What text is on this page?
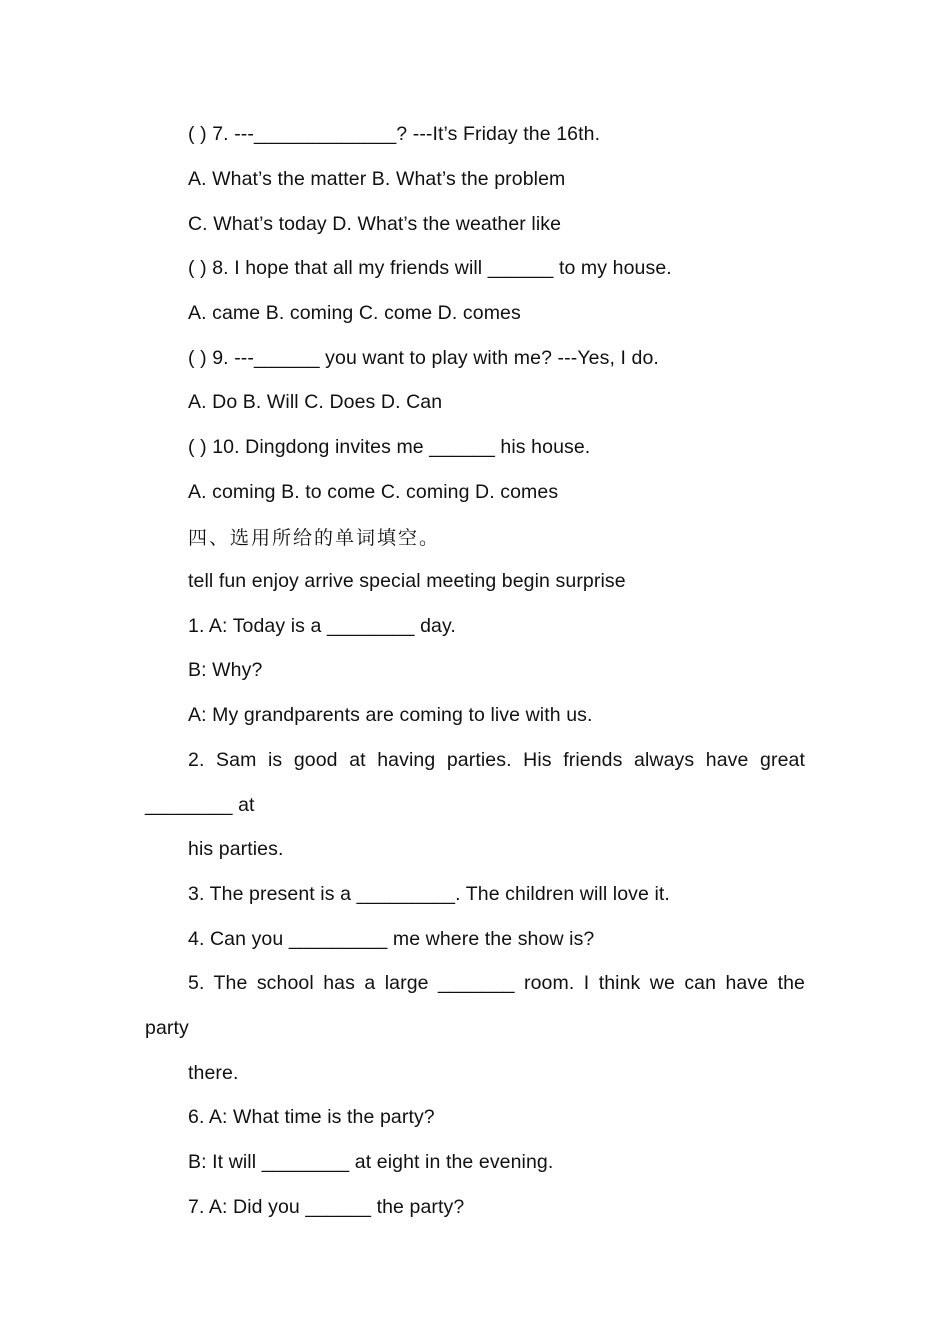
( ) 7. ---_____________? ---It’s Friday the 16th.
A. What’s the matter B. What’s the problem
C. What’s today D. What’s the weather like
( ) 8. I hope that all my friends will ______ to my house.
A. came B. coming C. come D. comes
( ) 9. ---______ you want to play with me? ---Yes, I do.
A. Do B. Will C. Does D. Can
( ) 10. Dingdong invites me ______ his house.
A. coming B. to come C. coming D. comes
四、选用所给的单词填空。
tell fun enjoy arrive special meeting begin surprise
1. A: Today is a ________ day.
B: Why?
A: My grandparents are coming to live with us.
2. Sam is good at having parties. His friends always have great
________ at
his parties.
3. The present is a _________. The children will love it.
4. Can you _________ me where the show is?
5. The school has a large _______ room. I think we can have the
party
there.
6. A: What time is the party?
B: It will ________ at eight in the evening.
7. A: Did you ______ the party?
